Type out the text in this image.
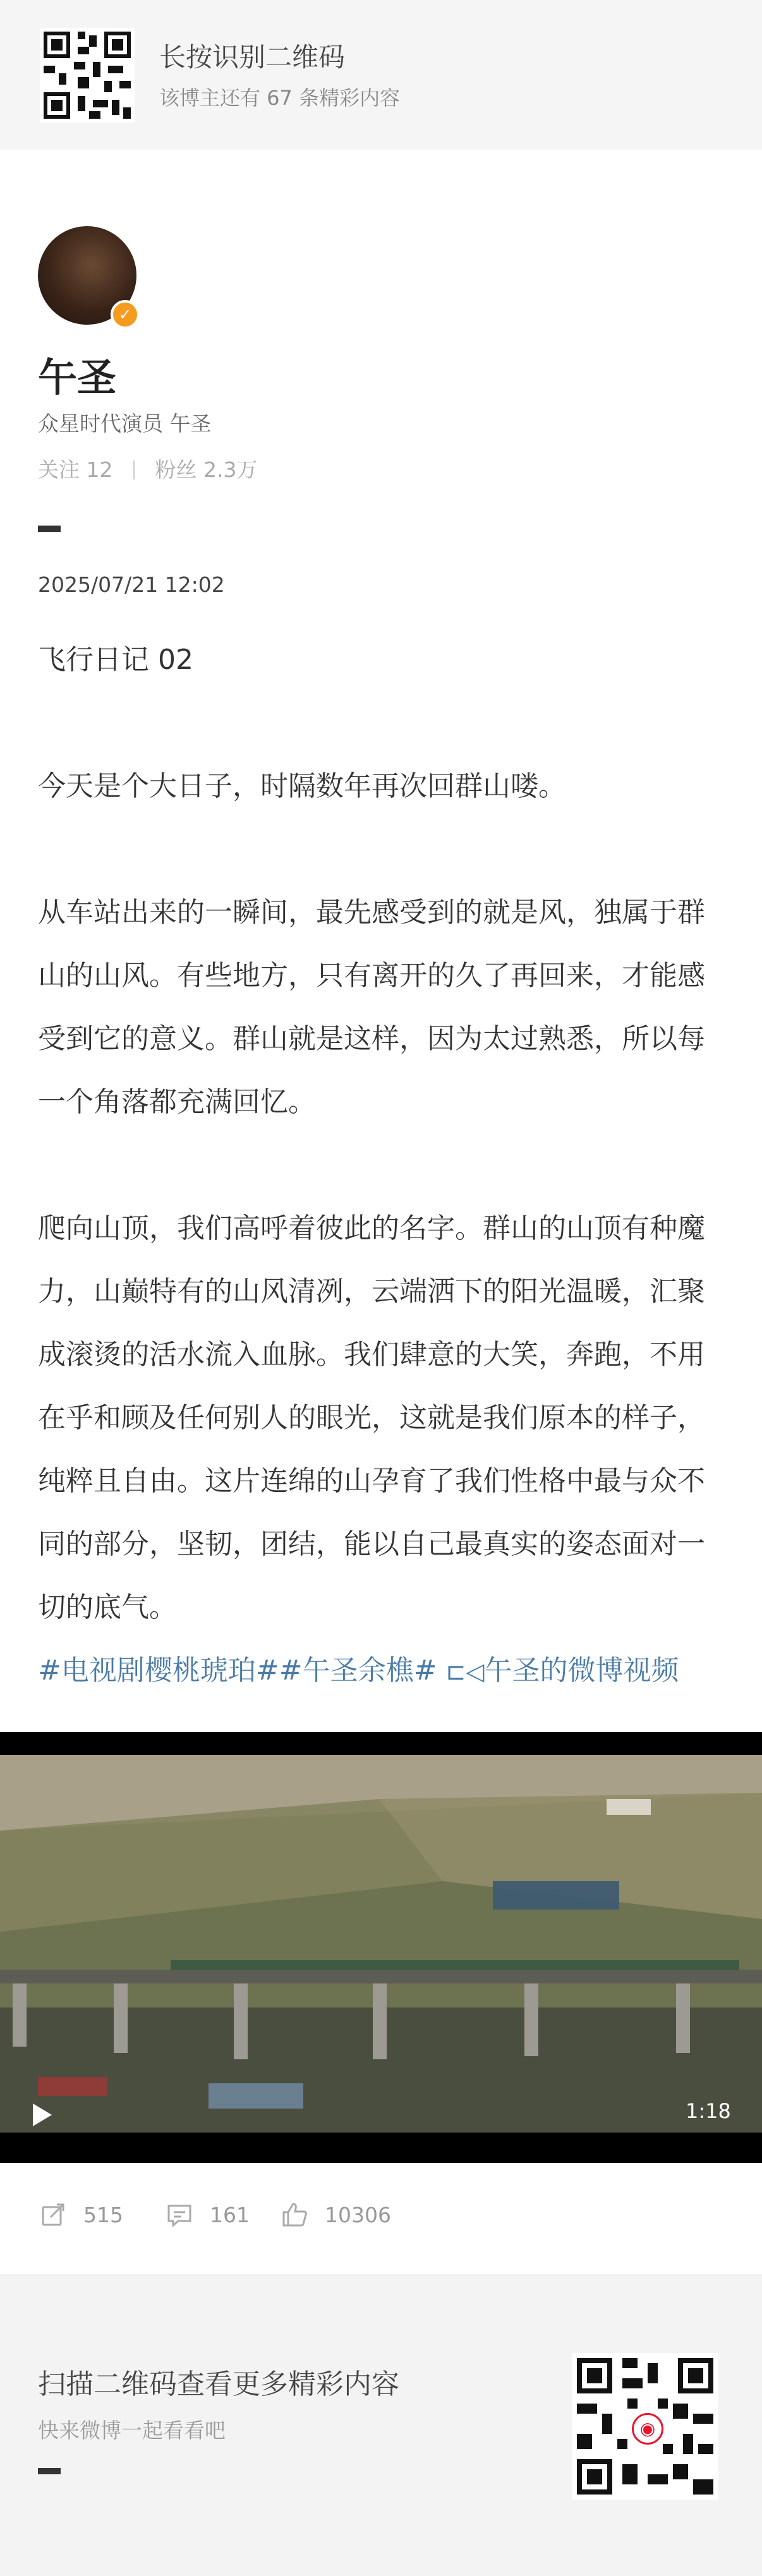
长按识别二维码
该博主还有 67 条精彩内容
✓
午圣
众星时代演员 午圣
关注 12 粉丝 2.3万
2025/07/21 12:02

飞行日记 02

今天是个大日子，时隔数年再次回群山喽。

从车站出来的一瞬间，最先感受到的就是风，独属于群山的山风。有些地方，只有离开的久了再回来，才能感受到它的意义。群山就是这样，因为太过熟悉，所以每一个角落都充满回忆。

爬向山顶，我们高呼着彼此的名字。群山的山顶有种魔力，山巅特有的山风清冽，云端洒下的阳光温暖，汇聚成滚烫的活水流入血脉。我们肆意的大笑，奔跑，不用在乎和顾及任何别人的眼光，这就是我们原本的样子，纯粹且自由。这片连绵的山孕育了我们性格中最与众不同的部分，坚韧，团结，能以自己最真实的姿态面对一切的底气。

#电视剧樱桃琥珀##午圣余樵# ⊏◁午圣的微博视频

1:18
515	161	10306
扫描二维码查看更多精彩内容
快来微博一起看看吧	◉
